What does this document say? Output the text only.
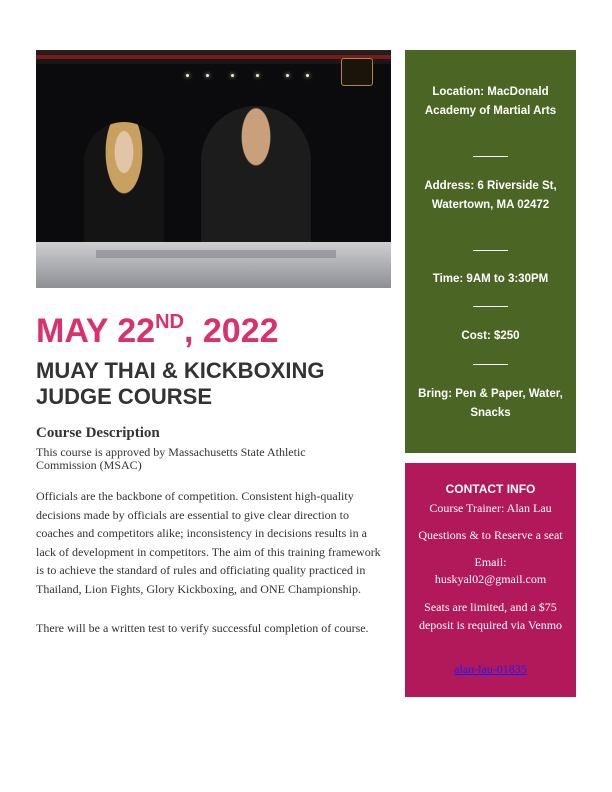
MAY 22ND, 2022
MUAY THAI & KICKBOXING
JUDGE COURSE
Course Description

This course is approved by Massachusetts State Athletic Commission (MSAC)

Officials are the backbone of competition. Consistent high-quality decisions made by officials are essential to give clear direction to coaches and competitors alike; inconsistency in decisions results in a lack of development in competitors. The aim of this training framework is to achieve the standard of rules and officiating quality practiced in Thailand, Lion Fights, Glory Kickboxing, and ONE Championship.

There will be a written test to verify successful completion of course.

Location: MacDonald Academy of Martial Arts
Address: 6 Riverside St, Watertown, MA 02472
Time: 9AM to 3:30PM
Cost: $250
Bring: Pen & Paper, Water, Snacks
CONTACT INFO
Course Trainer: Alan Lau
Questions & to Reserve a seat
Email:
huskyal02@gmail.com
Seats are limited, and a $75 deposit is required via Venmo
alan-lau-01835
